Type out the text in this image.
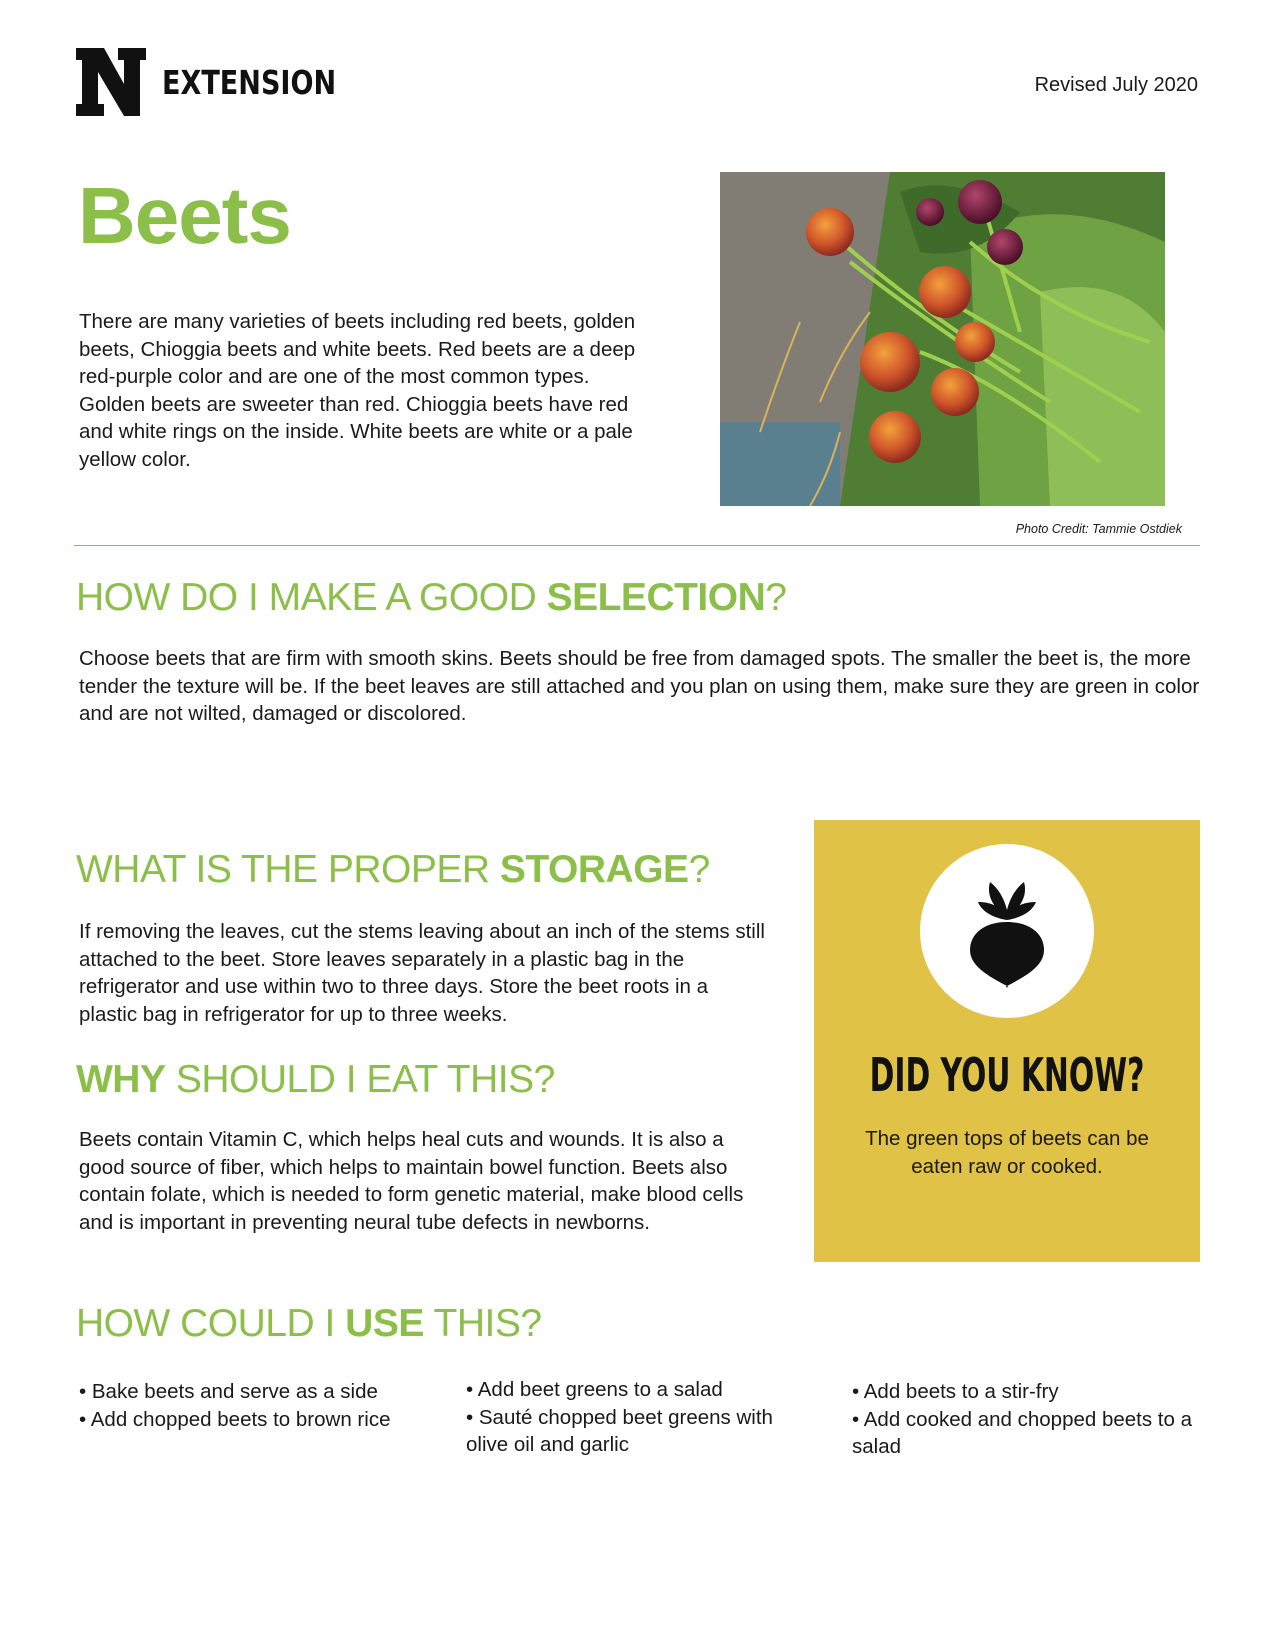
EXTENSION	Revised July 2020
Beets

There are many varieties of beets including red beets, golden beets, Chioggia beets and white beets. Red beets are a deep red-purple color and are one of the most common types. Golden beets are sweeter than red. Chioggia beets have red and white rings on the inside. White beets are white or a pale yellow color.

Photo Credit: Tammie Ostdiek
HOW DO I MAKE A GOOD SELECTION?

Choose beets that are firm with smooth skins. Beets should be free from damaged spots. The smaller the beet is, the more tender the texture will be. If the beet leaves are still attached and you plan on using them, make sure they are green in color and are not wilted, damaged or discolored.

WHAT IS THE PROPER STORAGE?

If removing the leaves, cut the stems leaving about an inch of the stems still attached to the beet. Store leaves separately in a plastic bag in the refrigerator and use within two to three days. Store the beet roots in a plastic bag in refrigerator for up to three weeks.

WHY SHOULD I EAT THIS?

Beets contain Vitamin C, which helps heal cuts and wounds. It is also a good source of fiber, which helps to maintain bowel function. Beets also contain folate, which is needed to form genetic material, make blood cells and is important in preventing neural tube defects in newborns.

HOW COULD I USE THIS?
• Bake beets and serve as a side
• Add chopped beets to brown rice
• Add beet greens to a salad
• Sauté chopped beet greens with olive oil and garlic
• Add beets to a stir-fry
• Add cooked and chopped beets to a salad
DID YOU KNOW?

The green tops of beets can be eaten raw or cooked.
